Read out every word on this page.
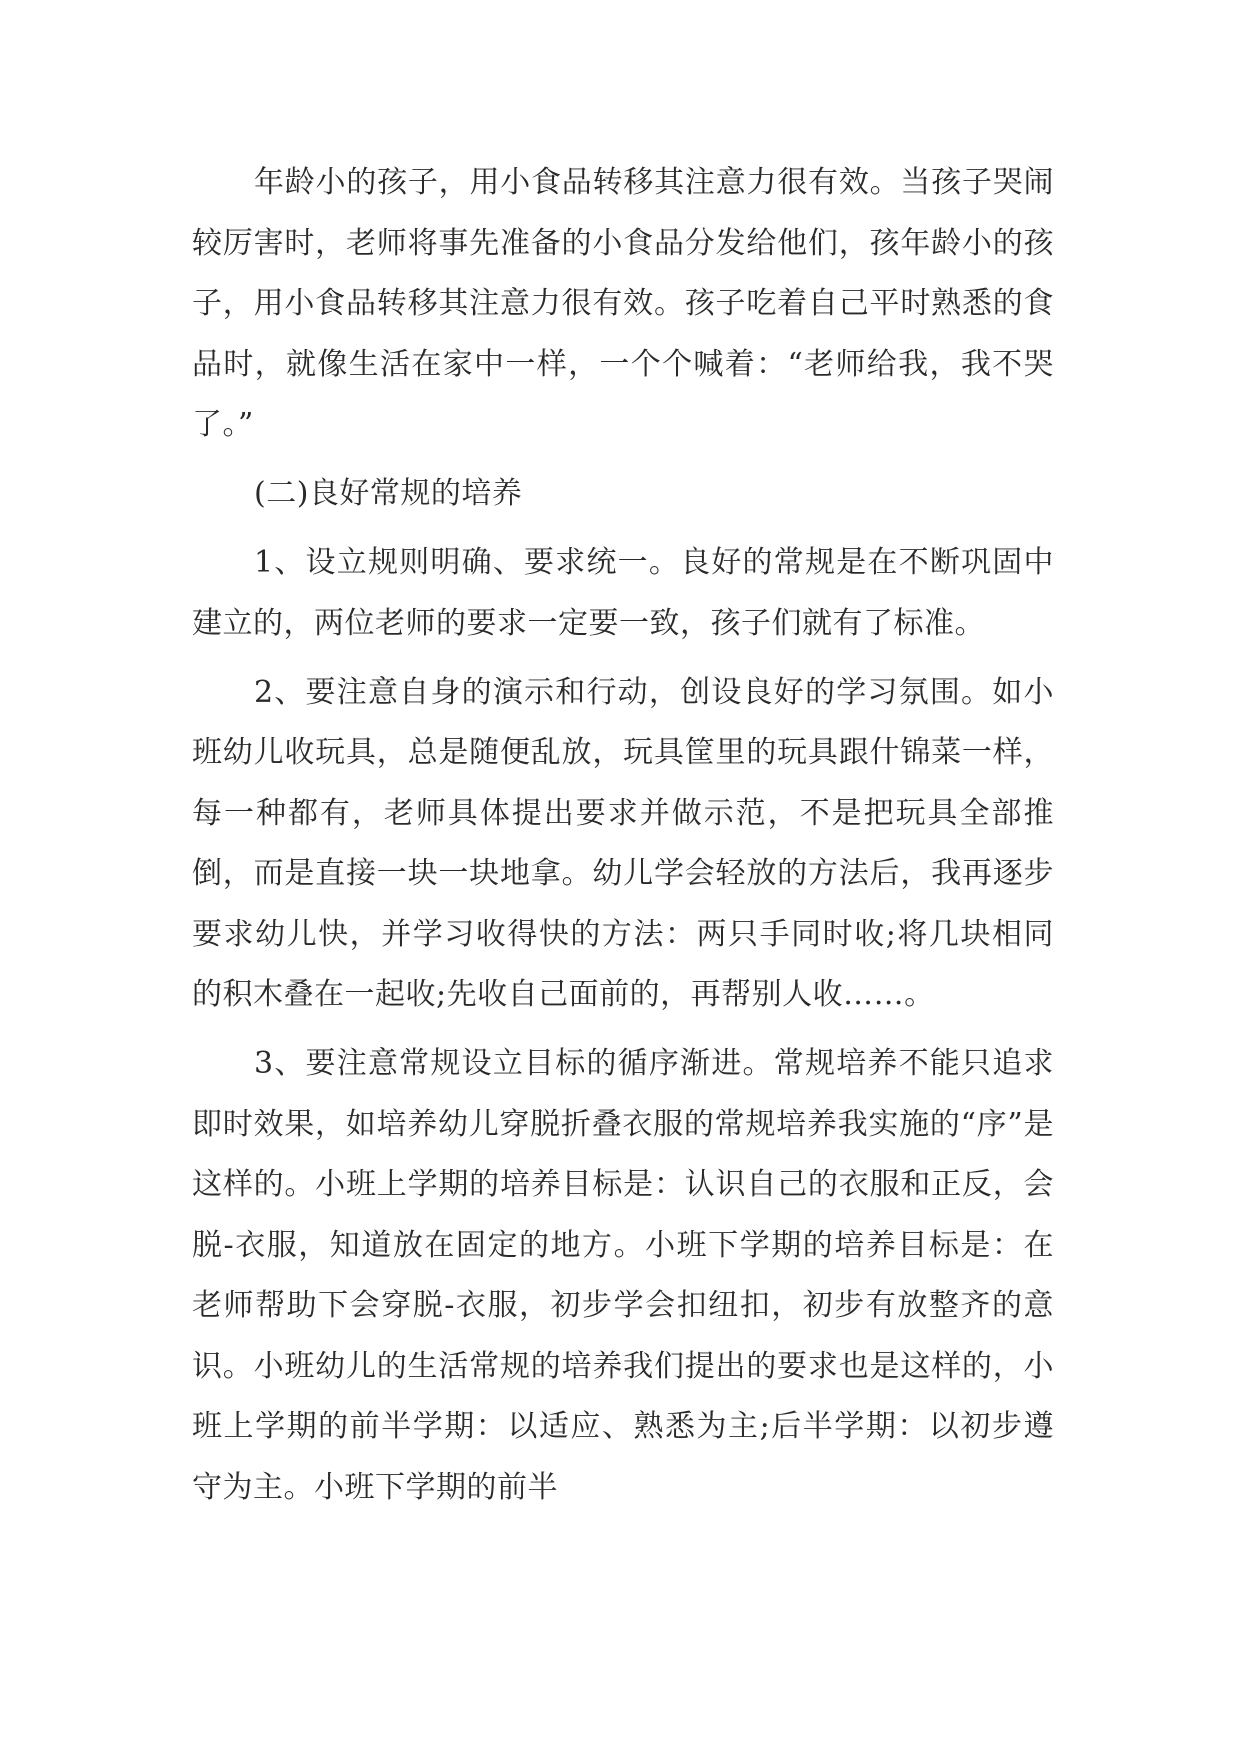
年龄小的孩子，用小食品转移其注意力很有效。当孩子哭闹较厉害时，老师将事先准备的小食品分发给他们，孩年龄小的孩子，用小食品转移其注意力很有效。孩子吃着自己平时熟悉的食品时，就像生活在家中一样，一个个喊着：“老师给我，我不哭了。”

(二)良好常规的培养

1、设立规则明确、要求统一。良好的常规是在不断巩固中建立的，两位老师的要求一定要一致，孩子们就有了标准。

2、要注意自身的演示和行动，创设良好的学习氛围。如小班幼儿收玩具，总是随便乱放，玩具筐里的玩具跟什锦菜一样，每一种都有，老师具体提出要求并做示范，不是把玩具全部推倒，而是直接一块一块地拿。幼儿学会轻放的方法后，我再逐步要求幼儿快，并学习收得快的方法：两只手同时收;将几块相同的积木叠在一起收;先收自己面前的，再帮别人收……。

3、要注意常规设立目标的循序渐进。常规培养不能只追求即时效果，如培养幼儿穿脱折叠衣服的常规培养我实施的“序”是这样的。小班上学期的培养目标是：认识自己的衣服和正反，会脱-衣服，知道放在固定的地方。小班下学期的培养目标是：在老师帮助下会穿脱-衣服，初步学会扣纽扣，初步有放整齐的意识。小班幼儿的生活常规的培养我们提出的要求也是这样的，小班上学期的前半学期：以适应、熟悉为主;后半学期：以初步遵守为主。小班下学期的前半
